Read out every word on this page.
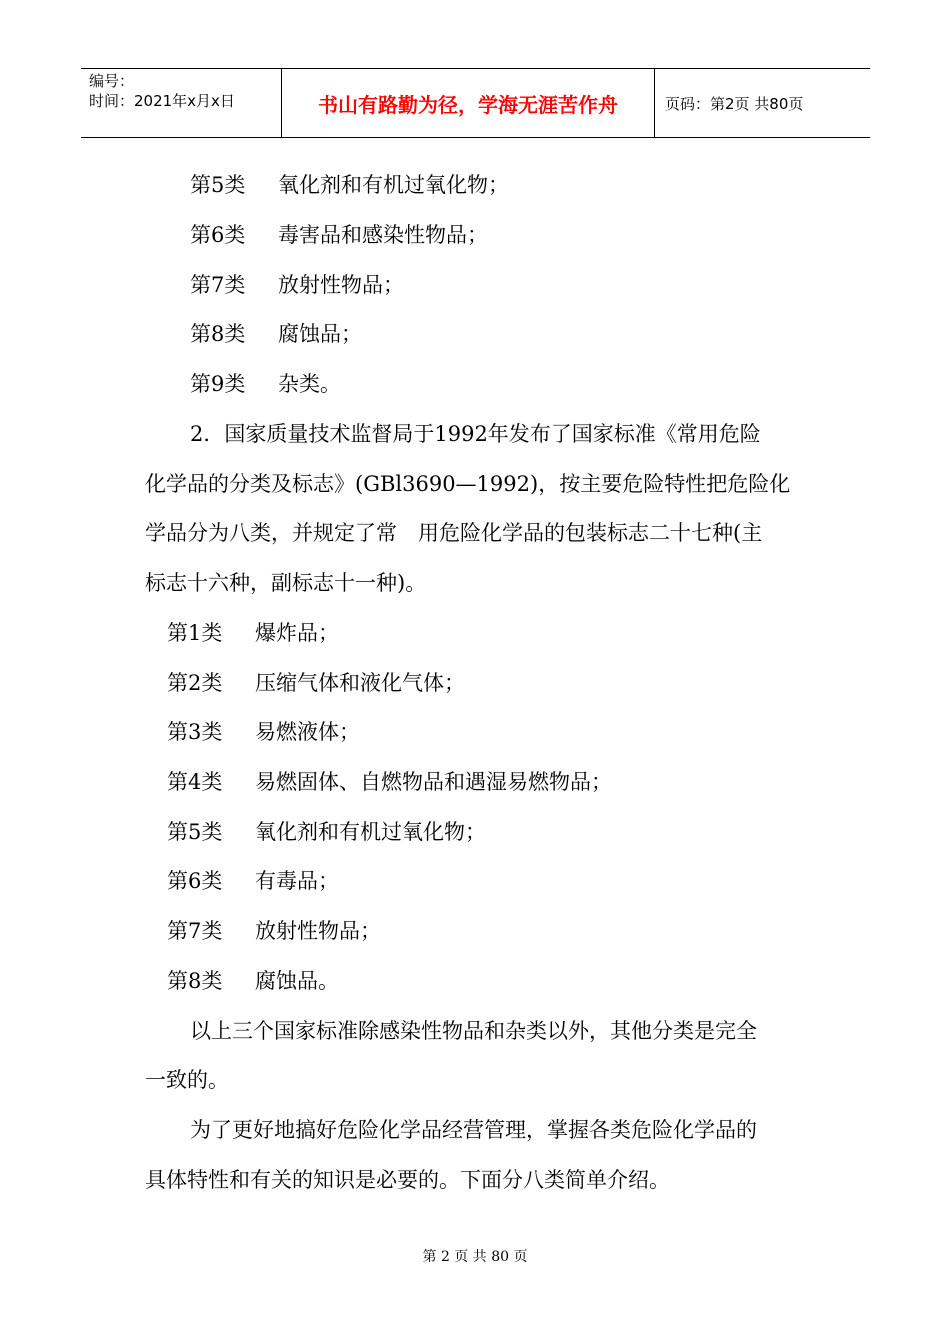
编号：
时间：2021年x月x日	书山有路勤为径，学海无涯苦作舟	页码：第2页 共80页
第5类 氧化剂和有机过氧化物；
第6类 毒害品和感染性物品；
第7类 放射性物品；
第8类 腐蚀品；
第9类 杂类。
2．国家质量技术监督局于1992年发布了国家标准《常用危险
化学品的分类及标志》(GBl3690—1992)，按主要危险特性把危险化
学品分为八类，并规定了常　用危险化学品的包装标志二十七种(主
标志十六种，副标志十一种)。
第1类 爆炸品；
第2类 压缩气体和液化气体；
第3类 易燃液体；
第4类 易燃固体、自燃物品和遇湿易燃物品；
第5类 氧化剂和有机过氧化物；
第6类 有毒品；
第7类 放射性物品；
第8类 腐蚀品。
以上三个国家标准除感染性物品和杂类以外，其他分类是完全
一致的。
为了更好地搞好危险化学品经营管理，掌握各类危险化学品的
具体特性和有关的知识是必要的。下面分八类简单介绍。
第 2 页 共 80 页
